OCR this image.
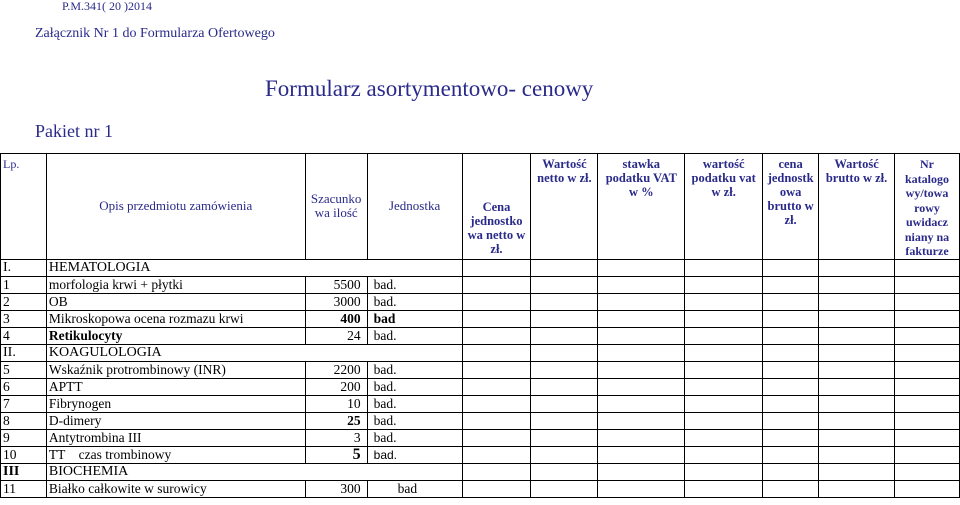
P.M.341( 20 )2014
Załącznik Nr 1 do Formularza Ofertowego
Formularz asortymentowo- cenowy
Pakiet nr 1
Lp.	Opis przedmiotu zamówienia	Szacunko wa ilość	Jednostka	Cena jednostko wa netto w zł.	Wartość netto w zł.	stawka podatku VAT w %	wartość podatku vat w zł.	cena jednostk owa brutto w zł.	Wartość brutto w zł.	Nr katalogo wy/towa rowy uwidacz niany na fakturze
I.	HEMATOLOGIA									
1	morfologia krwi + płytki	5500	bad.							
2	OB	3000	bad.							
3	Mikroskopowa ocena rozmazu krwi	400	bad							
4	Retikulocyty	24	bad.							
II.	KOAGULOLOGIA									
5	Wskaźnik protrombinowy (INR)	2200	bad.							
6	APTT	200	bad.							
7	Fibrynogen	10	bad.							
8	D-dimery	25	bad.							
9	Antytrombina III	3	bad.							
10	TT    czas trombinowy	5	bad.							
III	BIOCHEMIA									
11	Białko całkowite w surowicy	300	bad							
